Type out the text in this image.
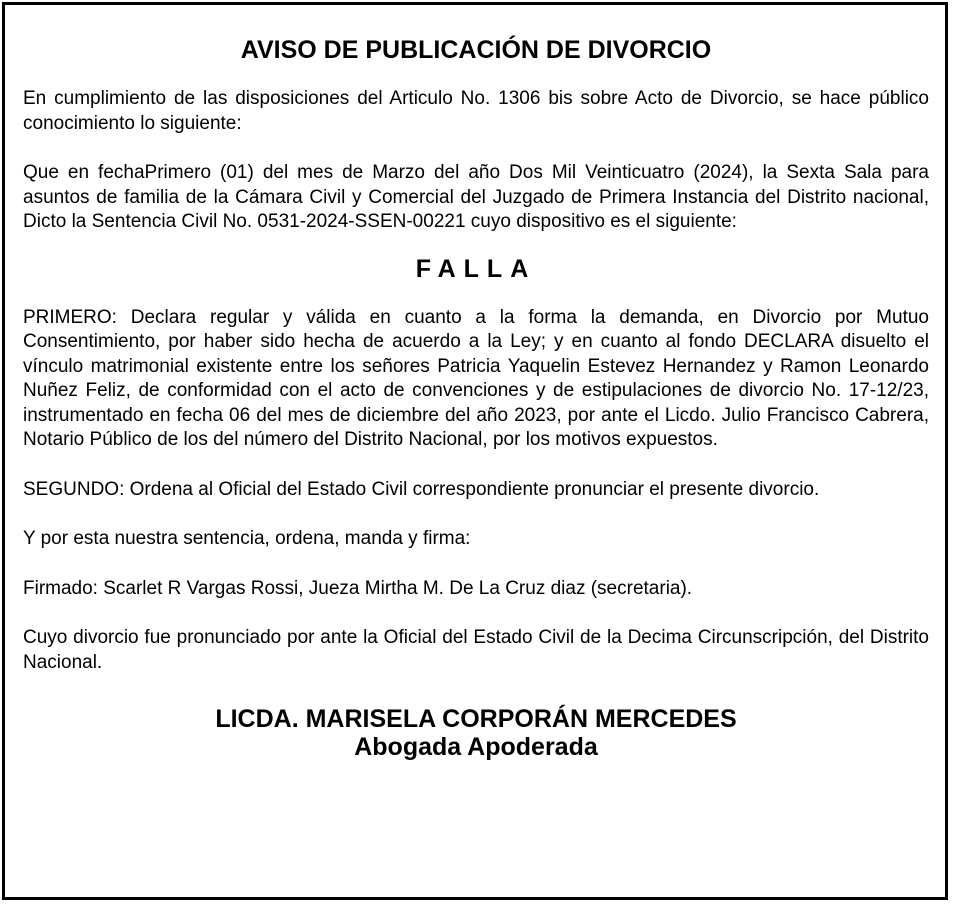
AVISO DE PUBLICACIÓN DE DIVORCIO

En cumplimiento de las disposiciones del Articulo No. 1306 bis sobre Acto de Divorcio, se hace público conocimiento lo siguiente:

Que en fechaPrimero (01) del mes de Marzo del año Dos Mil Veinticuatro (2024), la Sexta Sala para asuntos de familia de la Cámara Civil y Comercial del Juzgado de Primera Instancia del Distrito nacional, Dicto la Sentencia Civil No. 0531-2024-SSEN-00221 cuyo dispositivo es el siguiente:

FALLA

PRIMERO: Declara regular y válida en cuanto a la forma la demanda, en Divorcio por Mutuo Consentimiento, por haber sido hecha de acuerdo a la Ley; y en cuanto al fondo DECLARA disuelto el vínculo matrimonial existente entre los señores Patricia Yaquelin Estevez Hernandez y Ramon Leonardo Nuñez Feliz, de conformidad con el acto de convenciones y de estipulaciones de divorcio No. 17-12/23, instrumentado en fecha 06 del mes de diciembre del año 2023, por ante el Licdo. Julio Francisco Cabrera, Notario Público de los del número del Distrito Nacional, por los motivos expuestos.

SEGUNDO: Ordena al Oficial del Estado Civil correspondiente pronunciar el presente divorcio.

Y por esta nuestra sentencia, ordena, manda y firma:

Firmado: Scarlet R Vargas Rossi, Jueza Mirtha M. De La Cruz diaz (secretaria).

Cuyo divorcio fue pronunciado por ante la Oficial del Estado Civil de la Decima Circunscripción, del Distrito Nacional.

LICDA. MARISELA CORPORÁN MERCEDES
Abogada Apoderada
